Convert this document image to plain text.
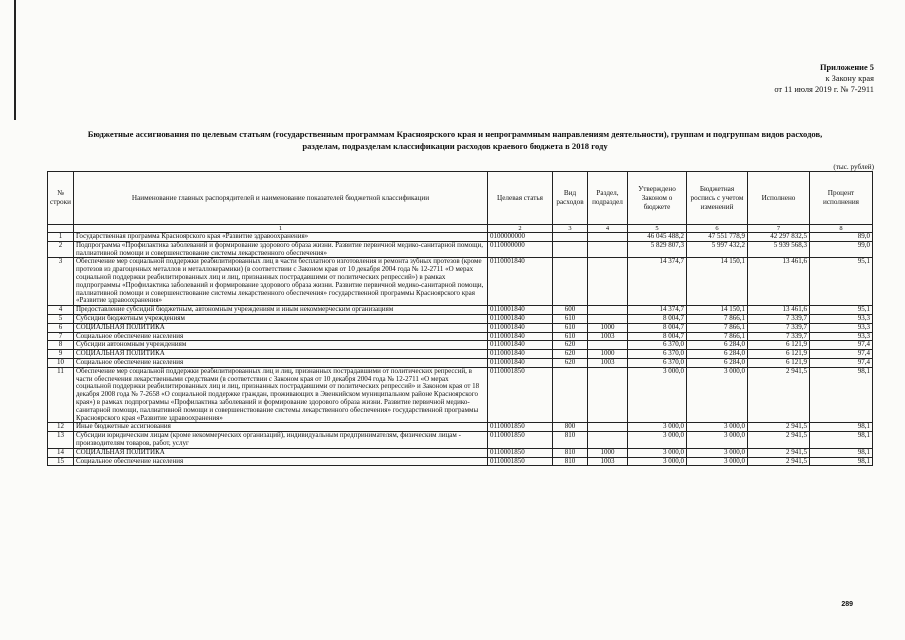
Приложение 5
к Закону края
от 11 июля 2019 г. № 7-2911
Бюджетные ассигнования по целевым статьям (государственным программам Красноярского края и непрограммным направлениям деятельности), группам и подгруппам видов расходов,
разделам, подразделам классификации расходов краевого бюджета в 2018 году
(тыс. рублей)
№ строки	Наименование главных распорядителей и наименование показателей бюджетной классификации	Целевая статья	Вид расходов	Раздел, подраздел	Утверждено Законом о бюджете	Бюджетная роспись с учетом изменений	Исполнено	Процент исполнения
	1	2	3	4	5	6	7	8
1	Государственная программа Красноярского края «Развитие здравоохранения»	0100000000			46 045 488,2	47 551 778,9	42 297 832,5	89,0
2	Подпрограмма «Профилактика заболеваний и формирование здорового образа жизни. Развитие первичной медико-санитарной помощи, паллиативной помощи и совершенствование системы лекарственного обеспечения»	0110000000			5 829 807,3	5 997 432,2	5 939 568,3	99,0
3	Обеспечение мер социальной поддержки реабилитированных лиц в части бесплатного изготовления и ремонта зубных протезов (кроме протезов из драгоценных металлов и металлокерамики) (в соответствии с Законом края от 10 декабря 2004 года № 12-2711 «О мерах социальной поддержки реабилитированных лиц и лиц, признанных пострадавшими от политических репрессий») в рамках подпрограммы «Профилактика заболеваний и формирование здорового образа жизни. Развитие первичной медико-санитарной помощи, паллиативной помощи и совершенствование системы лекарственного обеспечения» государственной программы Красноярского края «Развитие здравоохранения»	0110001840			14 374,7	14 150,1	13 461,6	95,1
4	Предоставление субсидий бюджетным, автономным учреждениям и иным некоммерческим организациям	0110001840	600		14 374,7	14 150,1	13 461,6	95,1
5	Субсидии бюджетным учреждениям	0110001840	610		8 004,7	7 866,1	7 339,7	93,3
6	СОЦИАЛЬНАЯ ПОЛИТИКА	0110001840	610	1000	8 004,7	7 866,1	7 339,7	93,3
7	Социальное обеспечение населения	0110001840	610	1003	8 004,7	7 866,1	7 339,7	93,3
8	Субсидии автономным учреждениям	0110001840	620		6 370,0	6 284,0	6 121,9	97,4
9	СОЦИАЛЬНАЯ ПОЛИТИКА	0110001840	620	1000	6 370,0	6 284,0	6 121,9	97,4
10	Социальное обеспечение населения	0110001840	620	1003	6 370,0	6 284,0	6 121,9	97,4
11	Обеспечение мер социальной поддержки реабилитированных лиц и лиц, признанных пострадавшими от политических репрессий, в части обеспечения лекарственными средствами (в соответствии с Законом края от 10 декабря 2004 года № 12-2711 «О мерах социальной поддержки реабилитированных лиц и лиц, признанных пострадавшими от политических репрессий» и Законом края от 18 декабря 2008 года № 7-2658 «О социальной поддержке граждан, проживающих в Эвенкийском муниципальном районе Красноярского края») в рамках подпрограммы «Профилактика заболеваний и формирование здорового образа жизни. Развитие первичной медико-санитарной помощи, паллиативной помощи и совершенствование системы лекарственного обеспечения» государственной программы Красноярского края «Развитие здравоохранения»	0110001850			3 000,0	3 000,0	2 941,5	98,1
12	Иные бюджетные ассигнования	0110001850	800		3 000,0	3 000,0	2 941,5	98,1
13	Субсидии юридическим лицам (кроме некоммерческих организаций), индивидуальным предпринимателям, физическим лицам - производителям товаров, работ, услуг	0110001850	810		3 000,0	3 000,0	2 941,5	98,1
14	СОЦИАЛЬНАЯ ПОЛИТИКА	0110001850	810	1000	3 000,0	3 000,0	2 941,5	98,1
15	Социальное обеспечение населения	0110001850	810	1003	3 000,0	3 000,0	2 941,5	98,1
289
